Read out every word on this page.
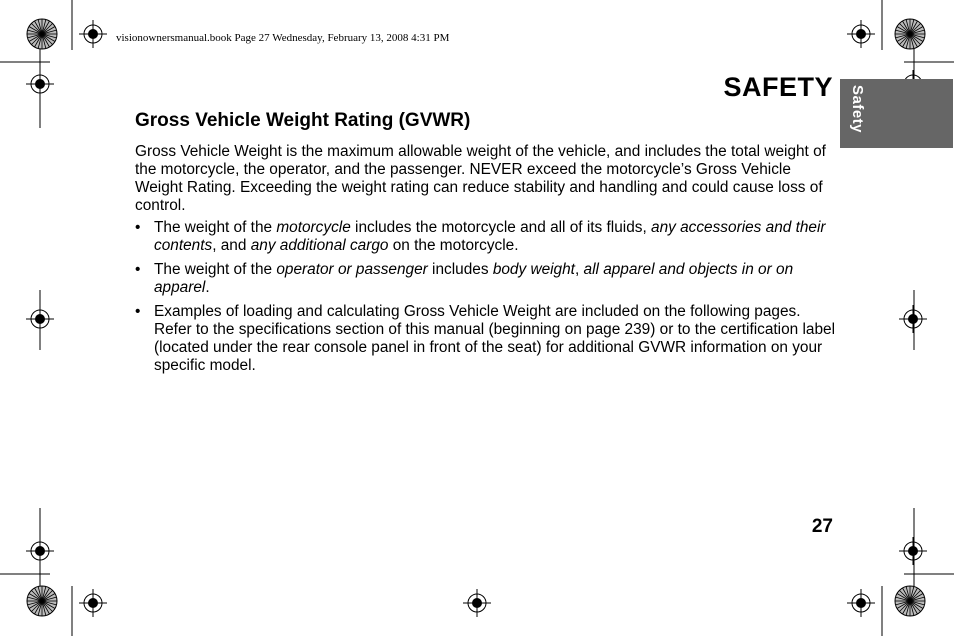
visionownersmanual.book Page 27 Wednesday, February 13, 2008 4:31 PM
Safety
SAFETY
Gross Vehicle Weight Rating (GVWR)
Gross Vehicle Weight is the maximum allowable weight of the vehicle, and includes the total weight of the motorcycle, the operator, and the passenger. NEVER exceed the motorcycle’s Gross Vehicle Weight Rating. Exceeding the weight rating can reduce stability and handling and could cause loss of control.
• The weight of the motorcycle includes the motorcycle and all of its fluids, any accessories and their contents, and any additional cargo on the motorcycle.
• The weight of the operator or passenger includes body weight, all apparel and objects in or on apparel.
• Examples of loading and calculating Gross Vehicle Weight are included on the following pages. Refer to the specifications section of this manual (beginning on page 239) or to the certification label (located under the rear console panel in front of the seat) for additional GVWR information on your specific model.
27
